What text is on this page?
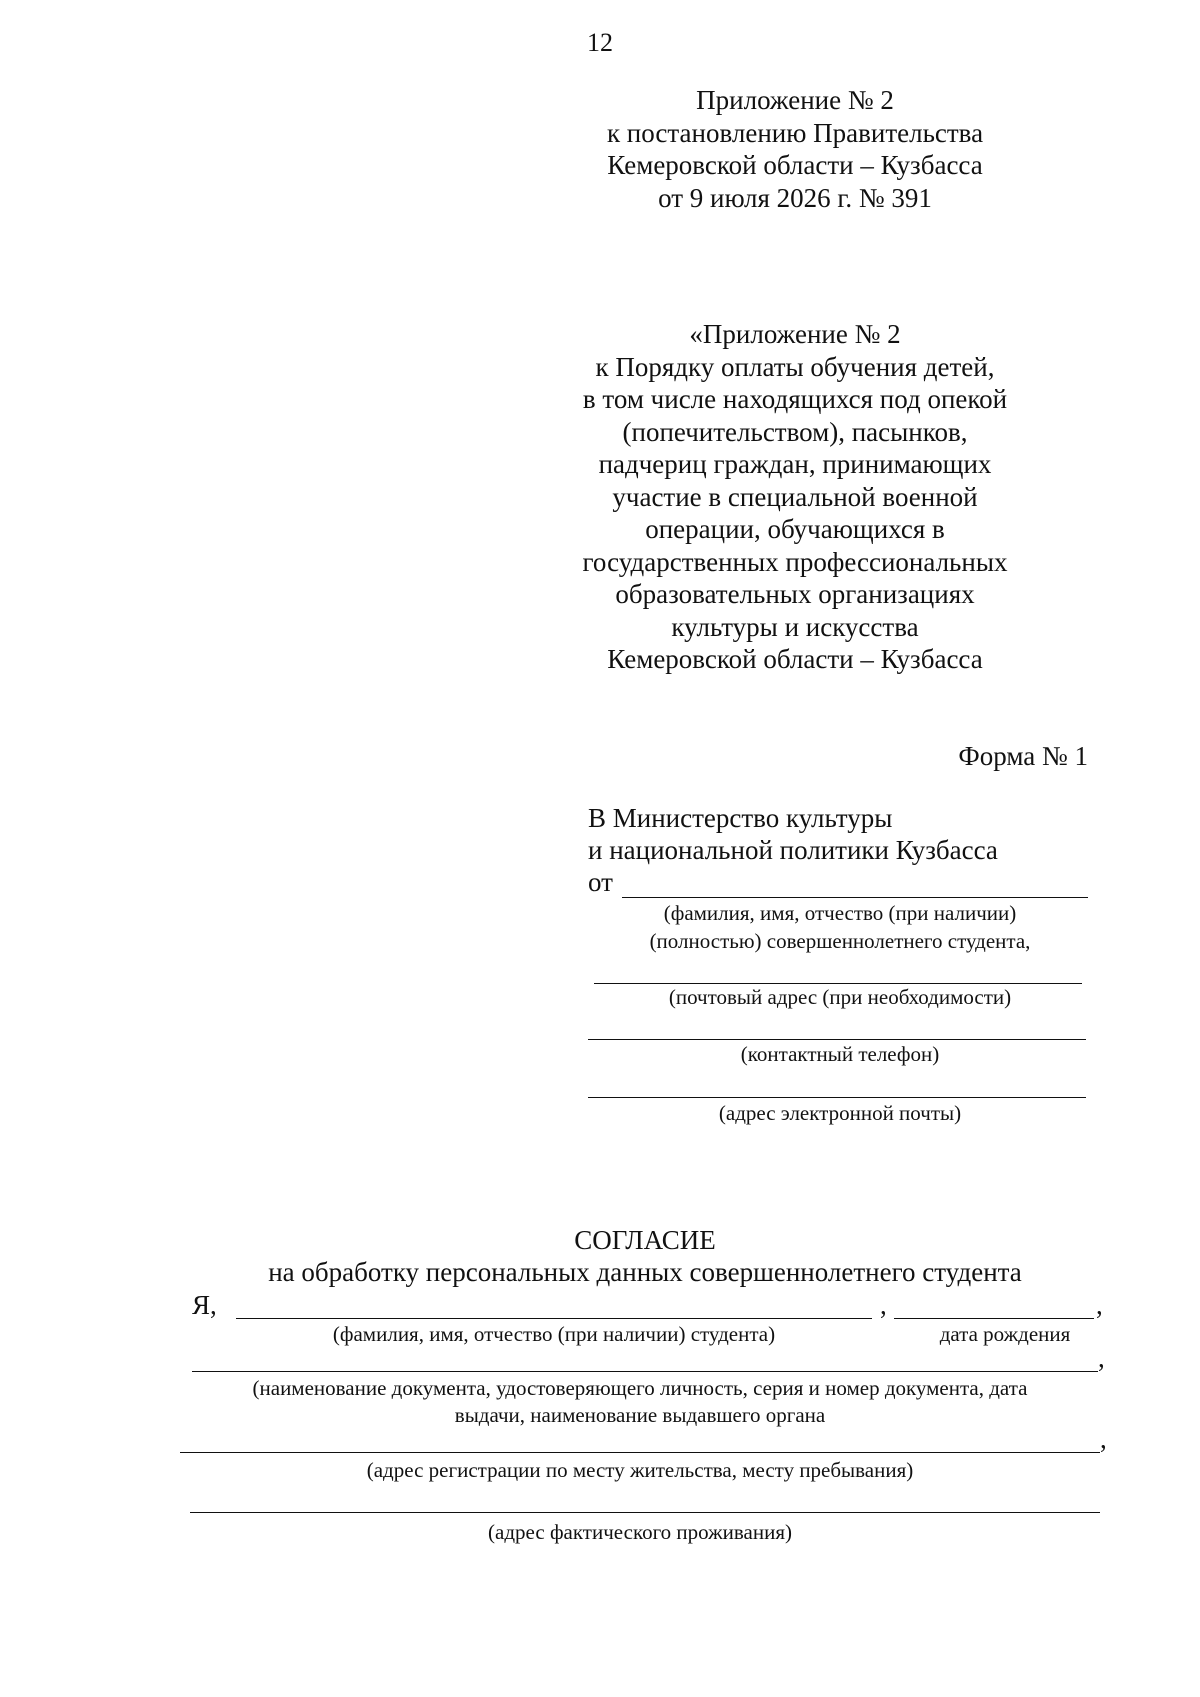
12
Приложение № 2
к постановлению Правительства
Кемеровской области – Кузбасса
от 9 июля 2026 г. № 391
«Приложение № 2
к Порядку оплаты обучения детей,
в том числе находящихся под опекой
(попечительством), пасынков,
падчериц граждан, принимающих
участие в специальной военной
операции, обучающихся в
государственных профессиональных
образовательных организациях
культуры и искусства
Кемеровской области – Кузбасса
Форма № 1
В Министерство культуры
и национальной политики Кузбасса
от
(фамилия, имя, отчество (при наличии)
(полностью) совершеннолетнего студента,
(почтовый адрес (при необходимости)
(контактный телефон)
(адрес электронной почты)
СОГЛАСИЕ
на обработку персональных данных совершеннолетнего студента
Я,	,	,
(фамилия, имя, отчество (при наличии) студента)	дата рождения
,
(наименование документа, удостоверяющего личность, серия и номер документа, дата
выдачи, наименование выдавшего органа
,
(адрес регистрации по месту жительства, месту пребывания)
(адрес фактического проживания)
